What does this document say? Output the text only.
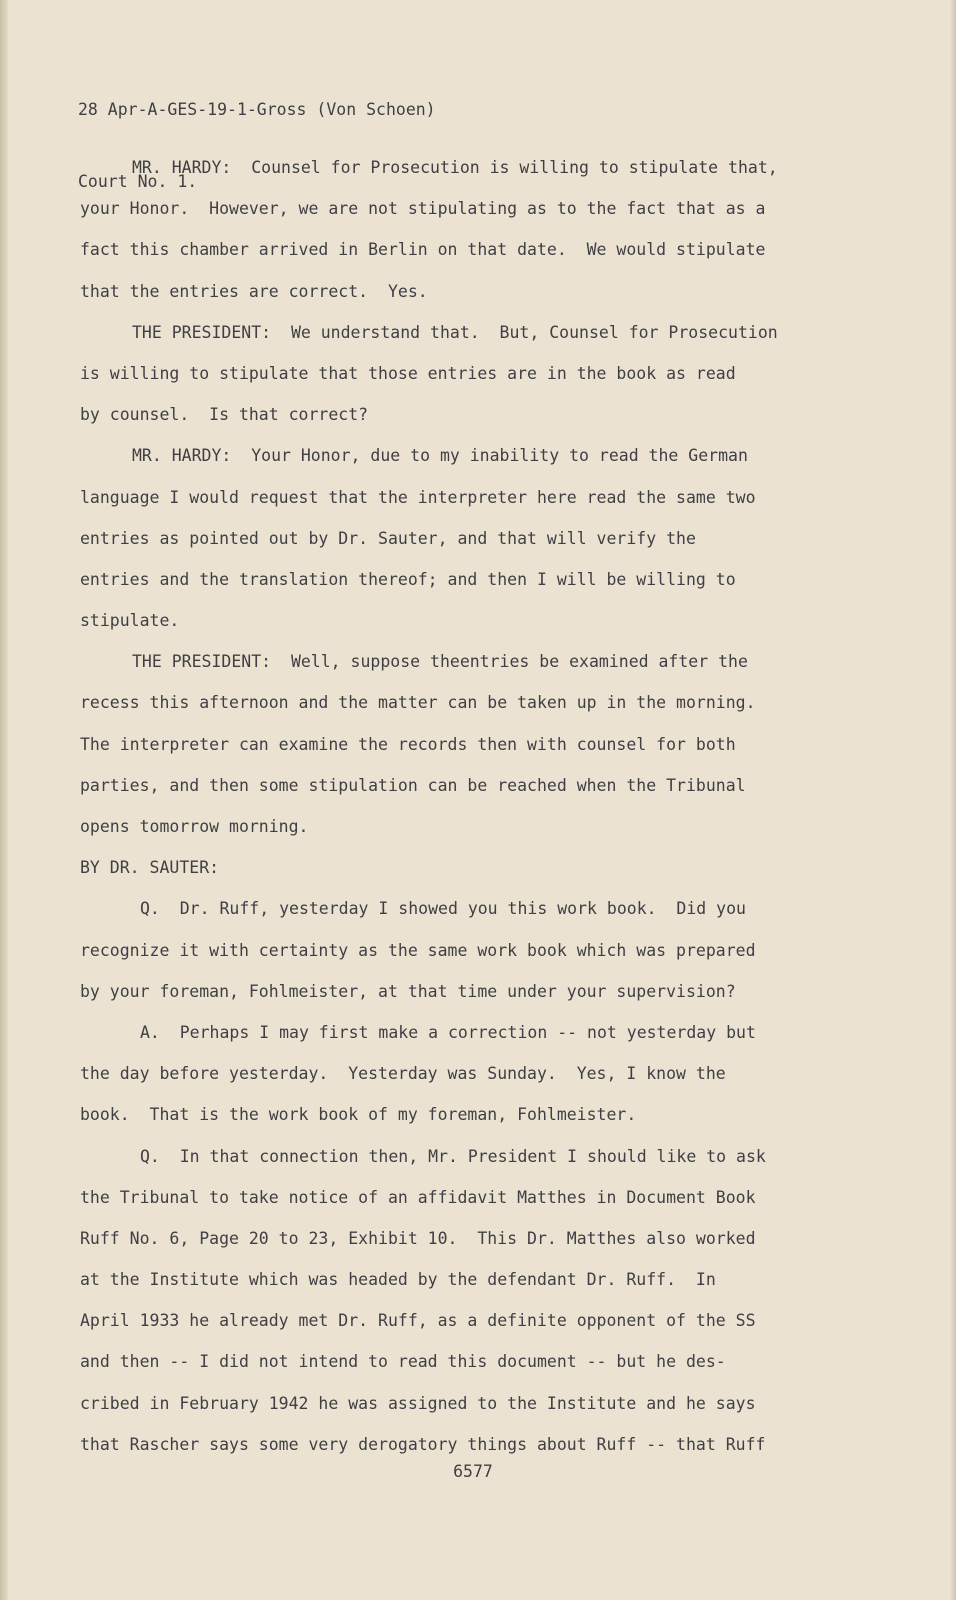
28 Apr-A-GES-19-1-Gross (Von Schoen)

Court No. 1.

MR. HARDY:  Counsel for Prosecution is willing to stipulate that,
your Honor.  However, we are not stipulating as to the fact that as a
fact this chamber arrived in Berlin on that date.  We would stipulate
that the entries are correct.  Yes.
THE PRESIDENT:  We understand that.  But, Counsel for Prosecution
is willing to stipulate that those entries are in the book as read
by counsel.  Is that correct?
MR. HARDY:  Your Honor, due to my inability to read the German
language I would request that the interpreter here read the same two
entries as pointed out by Dr. Sauter, and that will verify the
entries and the translation thereof; and then I will be willing to
stipulate.
THE PRESIDENT:  Well, suppose theentries be examined after the
recess this afternoon and the matter can be taken up in the morning.
The interpreter can examine the records then with counsel for both
parties, and then some stipulation can be reached when the Tribunal
opens tomorrow morning.
BY DR. SAUTER:
Q.  Dr. Ruff, yesterday I showed you this work book.  Did you
recognize it with certainty as the same work book which was prepared
by your foreman, Fohlmeister, at that time under your supervision?
A.  Perhaps I may first make a correction -- not yesterday but
the day before yesterday.  Yesterday was Sunday.  Yes, I know the
book.  That is the work book of my foreman, Fohlmeister.
Q.  In that connection then, Mr. President I should like to ask
the Tribunal to take notice of an affidavit Matthes in Document Book
Ruff No. 6, Page 20 to 23, Exhibit 10.  This Dr. Matthes also worked
at the Institute which was headed by the defendant Dr. Ruff.  In
April 1933 he already met Dr. Ruff, as a definite opponent of the SS
and then -- I did not intend to read this document -- but he des-
cribed in February 1942 he was assigned to the Institute and he says
that Rascher says some very derogatory things about Ruff -- that Ruff
6577
